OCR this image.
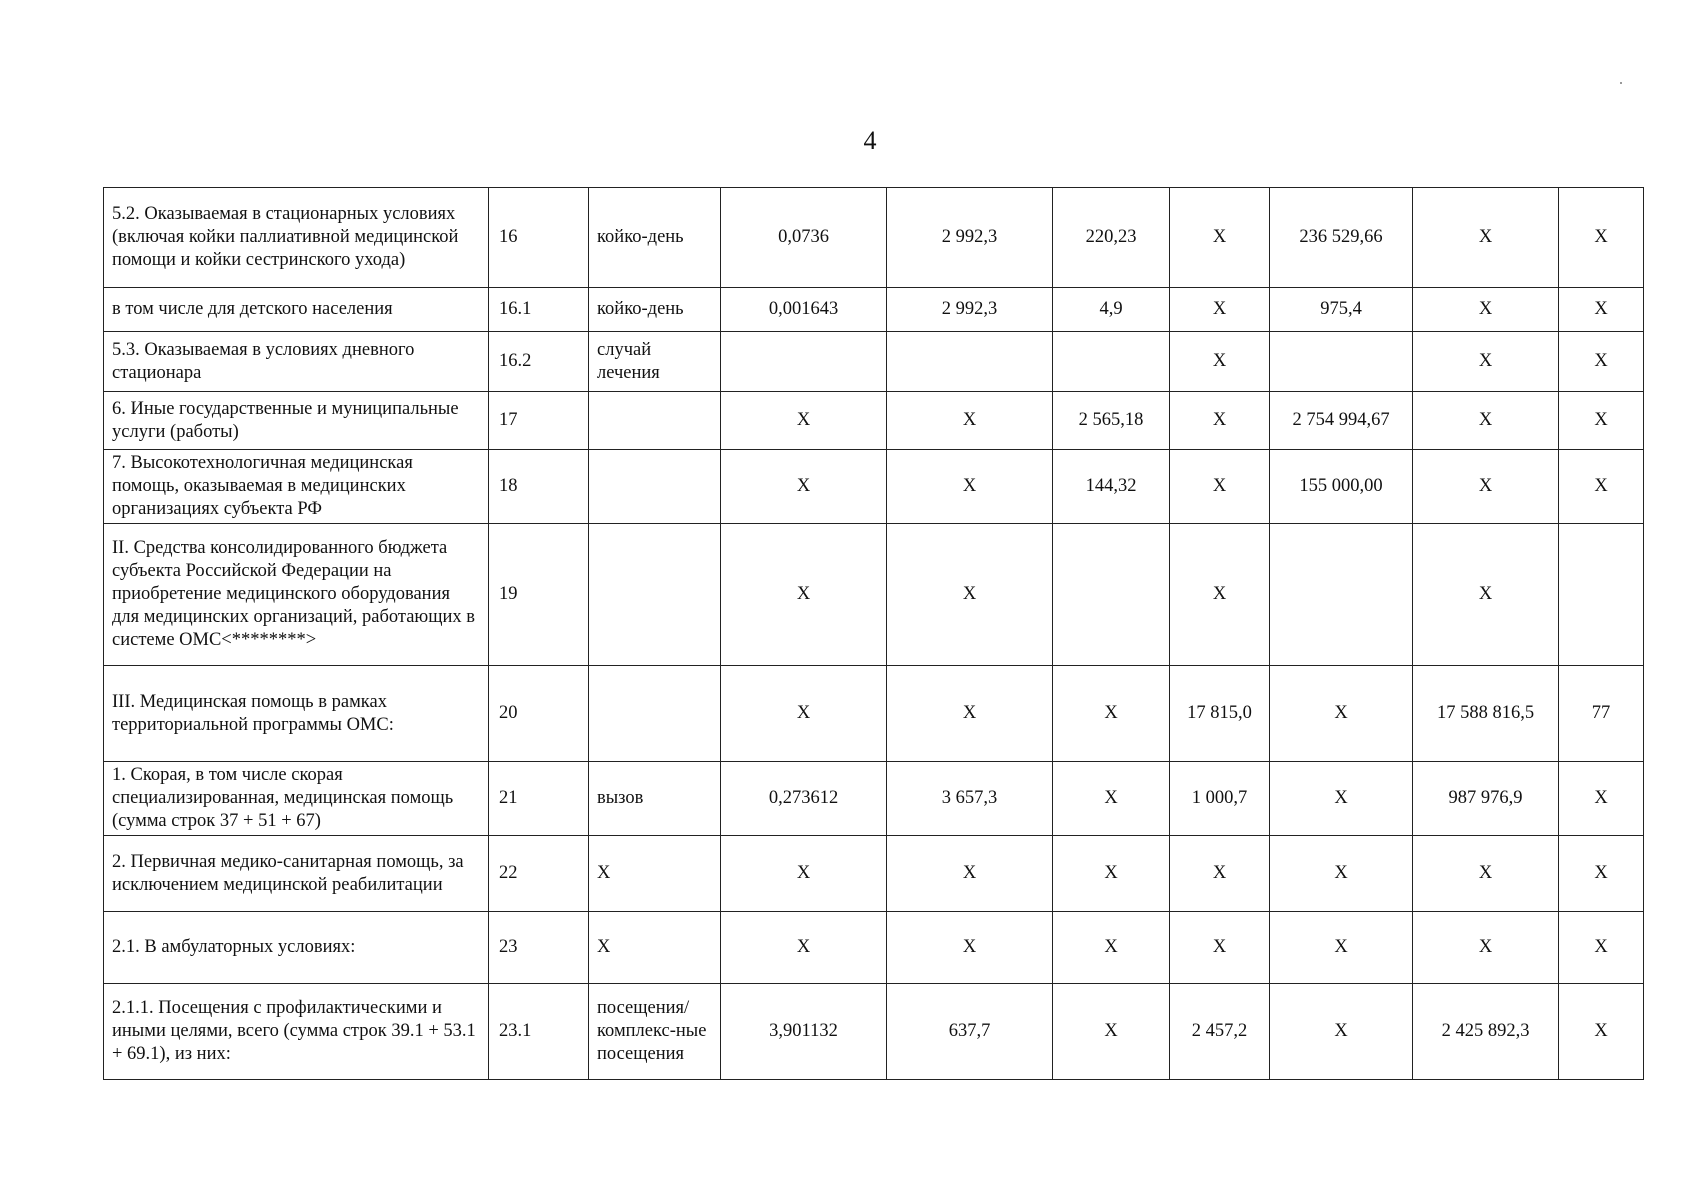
4
5.2. Оказываемая в стационарных условиях (включая койки паллиативной медицинской помощи и койки сестринского ухода)	16	койко-день	0,0736	2 992,3	220,23	Х	236 529,66	Х	Х
в том числе для детского населения	16.1	койко-день	0,001643	2 992,3	4,9	Х	975,4	Х	Х
5.3. Оказываемая в условиях дневного стационара	16.2	случай лечения				Х		Х	Х
6. Иные государственные и муниципальные услуги (работы)	17		Х	Х	2 565,18	Х	2 754 994,67	Х	Х
7. Высокотехнологичная медицинская помощь, оказываемая в медицинских организациях субъекта РФ	18		Х	Х	144,32	Х	155 000,00	Х	Х
II. Средства консолидированного бюджета субъекта Российской Федерации на приобретение медицинского оборудования для медицинских организаций, работающих в системе ОМС<********>	19		Х	Х		Х		Х	
III. Медицинская помощь в рамках территориальной программы ОМС:	20		Х	Х	Х	17 815,0	Х	17 588 816,5	77
1. Скорая, в том числе скорая специализированная, медицинская помощь (сумма строк 37 + 51 + 67)	21	вызов	0,273612	3 657,3	Х	1 000,7	Х	987 976,9	Х
2. Первичная медико-санитарная помощь, за исключением медицинской реабилитации	22	Х	Х	Х	Х	Х	Х	Х	Х
2.1. В амбулаторных условиях:	23	Х	Х	Х	Х	Х	Х	Х	Х
2.1.1. Посещения с профилактическими и иными целями, всего (сумма строк 39.1 + 53.1 + 69.1), из них:	23.1	посещения/ комплекс-ные посещения	3,901132	637,7	Х	2 457,2	Х	2 425 892,3	Х
